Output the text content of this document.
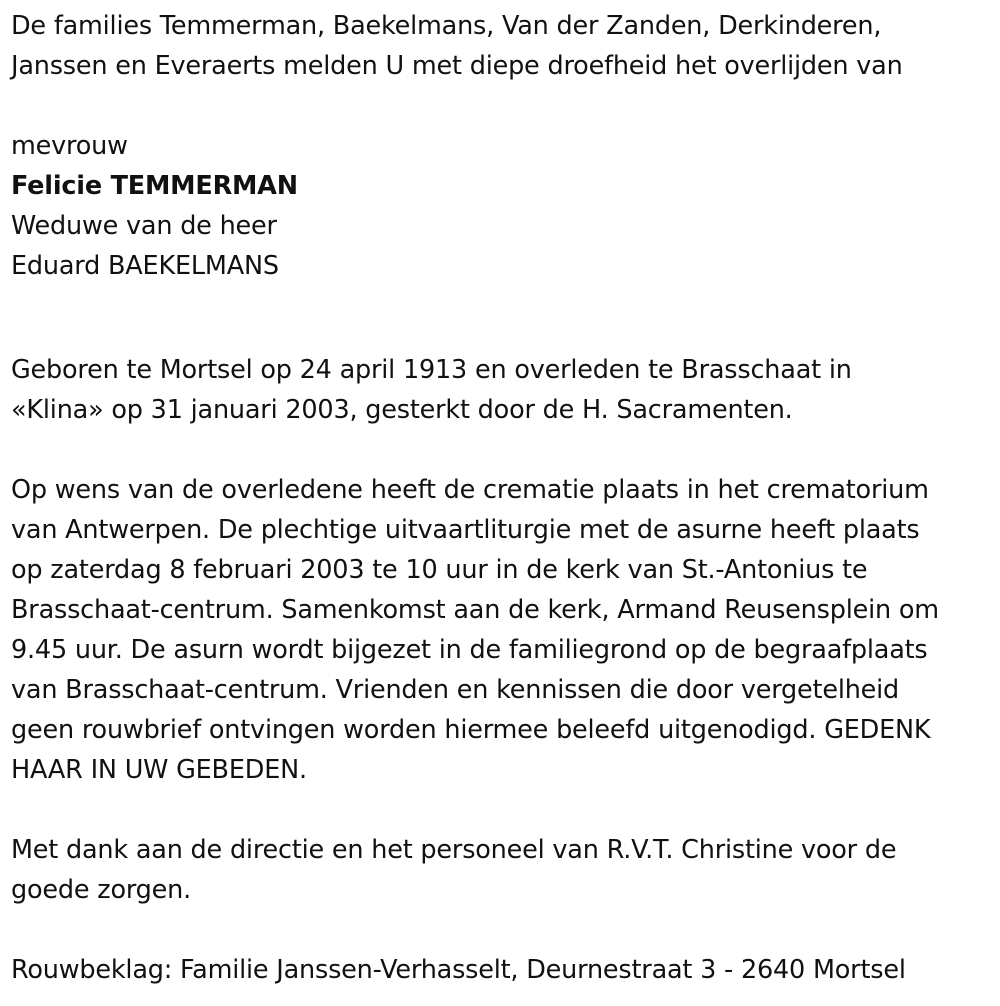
De families Temmerman, Baekelmans, Van der Zanden, Derkinderen,
Janssen en Everaerts melden U met diepe droefheid het overlijden van
mevrouw
Felicie TEMMERMAN
Weduwe van de heer
Eduard BAEKELMANS
Geboren te Mortsel op 24 april 1913 en overleden te Brasschaat in
«Klina» op 31 januari 2003, gesterkt door de H. Sacramenten.
Op wens van de overledene heeft de crematie plaats in het crematorium
van Antwerpen. De plechtige uitvaartliturgie met de asurne heeft plaats
op zaterdag 8 februari 2003 te 10 uur in de kerk van St.-Antonius te
Brasschaat-centrum. Samenkomst aan de kerk, Armand Reusensplein om
9.45 uur. De asurn wordt bijgezet in de familiegrond op de begraafplaats
van Brasschaat-centrum. Vrienden en kennissen die door vergetelheid
geen rouwbrief ontvingen worden hiermee beleefd uitgenodigd. GEDENK
HAAR IN UW GEBEDEN.
Met dank aan de directie en het personeel van R.V.T. Christine voor de
goede zorgen.
Rouwbeklag: Familie Janssen-Verhasselt, Deurnestraat 3 - 2640 Mortsel
